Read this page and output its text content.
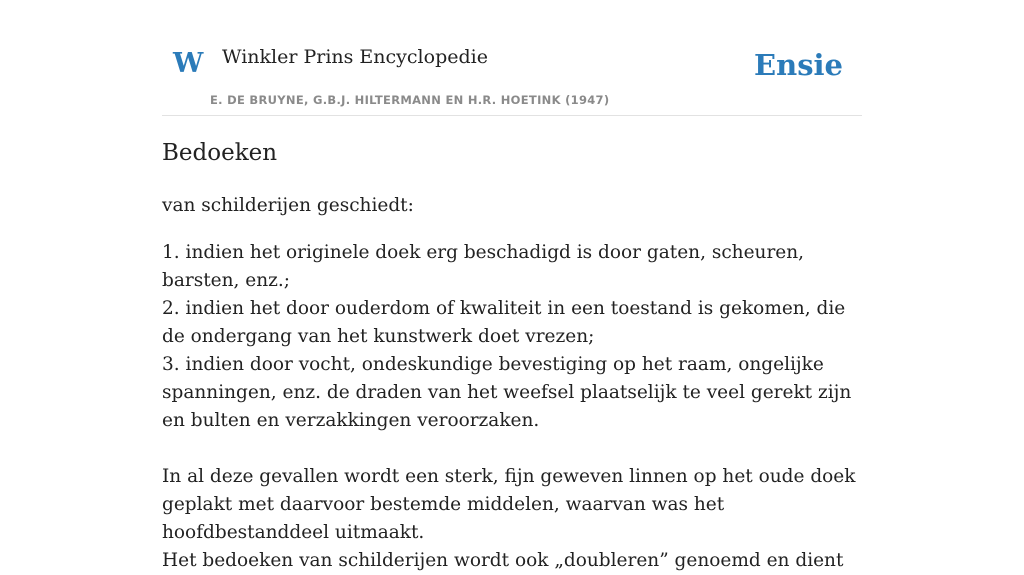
W Winkler Prins Encyclopedie
E. DE BRUYNE, G.B.J. HILTERMANN EN H.R. HOETINK (1947)
Ensie
Bedoeken

van schilderijen geschiedt:

1. indien het originele doek erg beschadigd is door gaten, scheuren, barsten, enz.;

2. indien het door ouderdom of kwaliteit in een toestand is gekomen, die de ondergang van het kunstwerk doet vrezen;

3. indien door vocht, ondeskundige bevestiging op het raam, ongelijke spanningen, enz. de draden van het weefsel plaatselijk te veel gerekt zijn en bulten en verzakkingen veroorzaken.

In al deze gevallen wordt een sterk, fijn geweven linnen op het oude doek geplakt met daarvoor bestemde middelen, waarvan was het hoofdbestanddeel uitmaakt.

Het bedoeken van schilderijen wordt ook „doubleren” genoemd en dient
